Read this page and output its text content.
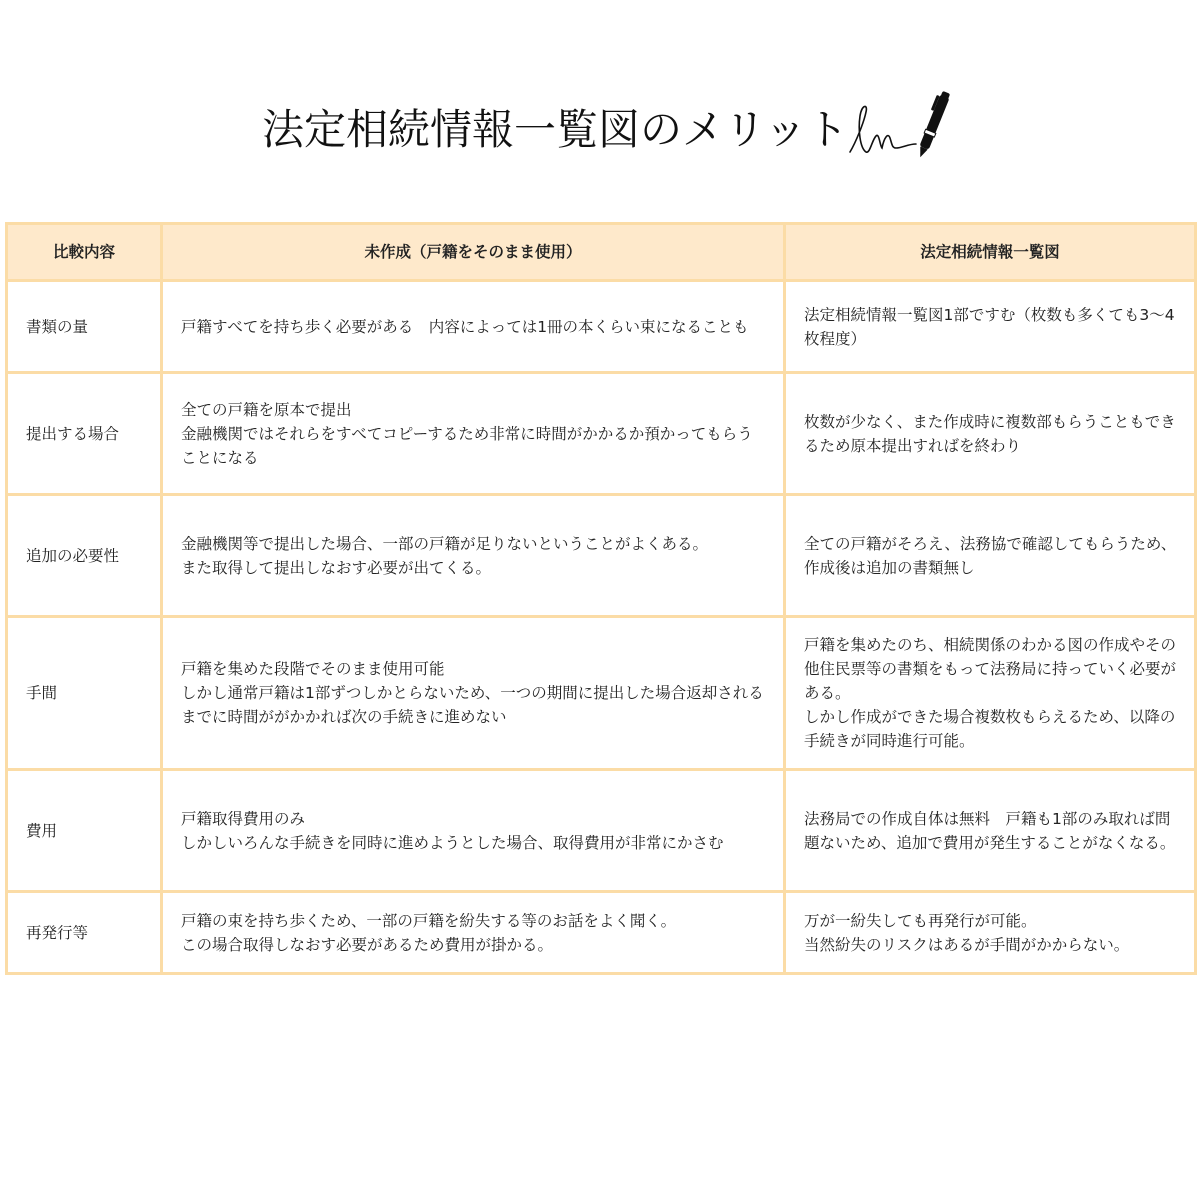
法定相続情報一覧図のメリット
比較内容	未作成（戸籍をそのまま使用）	法定相続情報一覧図
書類の量	戸籍すべてを持ち歩く必要がある　内容によっては1冊の本くらい束になることも	法定相続情報一覧図1部ですむ（枚数も多くても3～4枚程度）

提出する場合	全ての戸籍を原本で提出
金融機関ではそれらをすべてコピーするため非常に時間がかかるか預かってもらうことになる	枚数が少なく、また作成時に複数部もらうこともできるため原本提出すればを終わり

追加の必要性	金融機関等で提出した場合、一部の戸籍が足りないということがよくある。
また取得して提出しなおす必要が出てくる。	全ての戸籍がそろえ、法務協で確認してもらうため、作成後は追加の書類無し

手間	戸籍を集めた段階でそのまま使用可能
しかし通常戸籍は1部ずつしかとらないため、一つの期間に提出した場合返却されるまでに時間ががかかれば次の手続きに進めない	戸籍を集めたのち、相続関係のわかる図の作成やその他住民票等の書類をもって法務局に持っていく必要がある。
しかし作成ができた場合複数枚もらえるため、以降の手続きが同時進行可能。

費用	戸籍取得費用のみ
しかしいろんな手続きを同時に進めようとした場合、取得費用が非常にかさむ	法務局での作成自体は無料　戸籍も1部のみ取れば問題ないため、追加で費用が発生することがなくなる。

再発行等	戸籍の束を持ち歩くため、一部の戸籍を紛失する等のお話をよく聞く。
この場合取得しなおす必要があるため費用が掛かる。	万が一紛失しても再発行が可能。
当然紛失のリスクはあるが手間がかからない。
